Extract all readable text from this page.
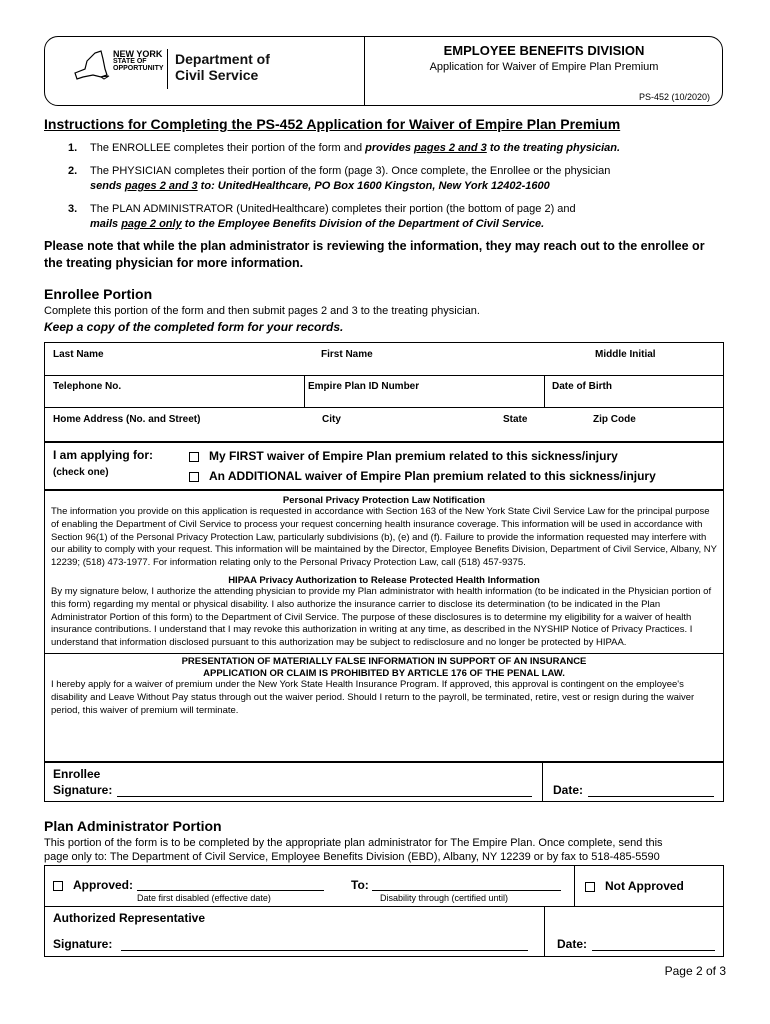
NEW YORK
STATE OF
OPPORTUNITY
Department of
Civil Service
EMPLOYEE BENEFITS DIVISION
Application for Waiver of Empire Plan Premium
PS-452 (10/2020)
Instructions for Completing the PS-452 Application for Waiver of Empire Plan Premium
1.	The ENROLLEE completes their portion of the form and provides pages 2 and 3 to the treating physician.
2.	The PHYSICIAN completes their portion of the form (page 3). Once complete, the Enrollee or the physician
sends pages 2 and 3 to: UnitedHealthcare, PO Box 1600 Kingston, New York 12402-1600
3.	The PLAN ADMINISTRATOR (UnitedHealthcare) completes their portion (the bottom of page 2) and
mails page 2 only to the Employee Benefits Division of the Department of Civil Service.
Please note that while the plan administrator is reviewing the information, they may reach out to the enrollee or the treating physician for more information.
Enrollee Portion
Complete this portion of the form and then submit pages 2 and 3 to the treating physician.
Keep a copy of the completed form for your records.
Last Name	First Name	Middle Initial
Telephone No.	Empire Plan ID Number	Date of Birth
Home Address (No. and Street)	City	State	Zip Code
I am applying for:
(check one)
My FIRST waiver of Empire Plan premium related to this sickness/injury
An ADDITIONAL waiver of Empire Plan premium related to this sickness/injury
Personal Privacy Protection Law Notification
The information you provide on this application is requested in accordance with Section 163 of the New York State Civil Service Law for the principal purpose of enabling the Department of Civil Service to process your request concerning health insurance coverage. This information will be used in accordance with Section 96(1) of the Personal Privacy Protection Law, particularly subdivisions (b), (e) and (f). Failure to provide the information requested may interfere with our ability to comply with your request. This information will be maintained by the Director, Employee Benefits Division, Department of Civil Service, Albany, NY 12239; (518) 473-1977. For information relating only to the Personal Privacy Protection Law, call (518) 457-9375.
HIPAA Privacy Authorization to Release Protected Health Information
By my signature below, I authorize the attending physician to provide my Plan administrator with health information (to be indicated in the Physician portion of this form) regarding my mental or physical disability. I also authorize the insurance carrier to disclose its determination (to be indicated in the Plan Administrator Portion of this form) to the Department of Civil Service. The purpose of these disclosures is to determine my eligibility for a waiver of health insurance contributions. I understand that I may revoke this authorization in writing at any time, as described in the NYSHIP Notice of Privacy Practices. I understand that information disclosed pursuant to this authorization may be subject to redisclosure and no longer be protected by HIPAA.
PRESENTATION OF MATERIALLY FALSE INFORMATION IN SUPPORT OF AN INSURANCE
APPLICATION OR CLAIM IS PROHIBITED BY ARTICLE 176 OF THE PENAL LAW.
I hereby apply for a waiver of premium under the New York State Health Insurance Program. If approved, this approval is contingent on the employee's disability and Leave Without Pay status through out the waiver period. Should I return to the payroll, be terminated, retire, vest or resign during the waiver period, this waiver of premium will terminate.
Enrollee
Signature:	Date:
Plan Administrator Portion
This portion of the form is to be completed by the appropriate plan administrator for The Empire Plan. Once complete, send this
page only to: The Department of Civil Service, Employee Benefits Division (EBD), Albany, NY 12239 or by fax to 518-485-5590
Approved:
Date first disabled (effective date)
To:
Disability through (certified until)
Not Approved
Authorized Representative
Signature:	Date:
Page 2 of 3
